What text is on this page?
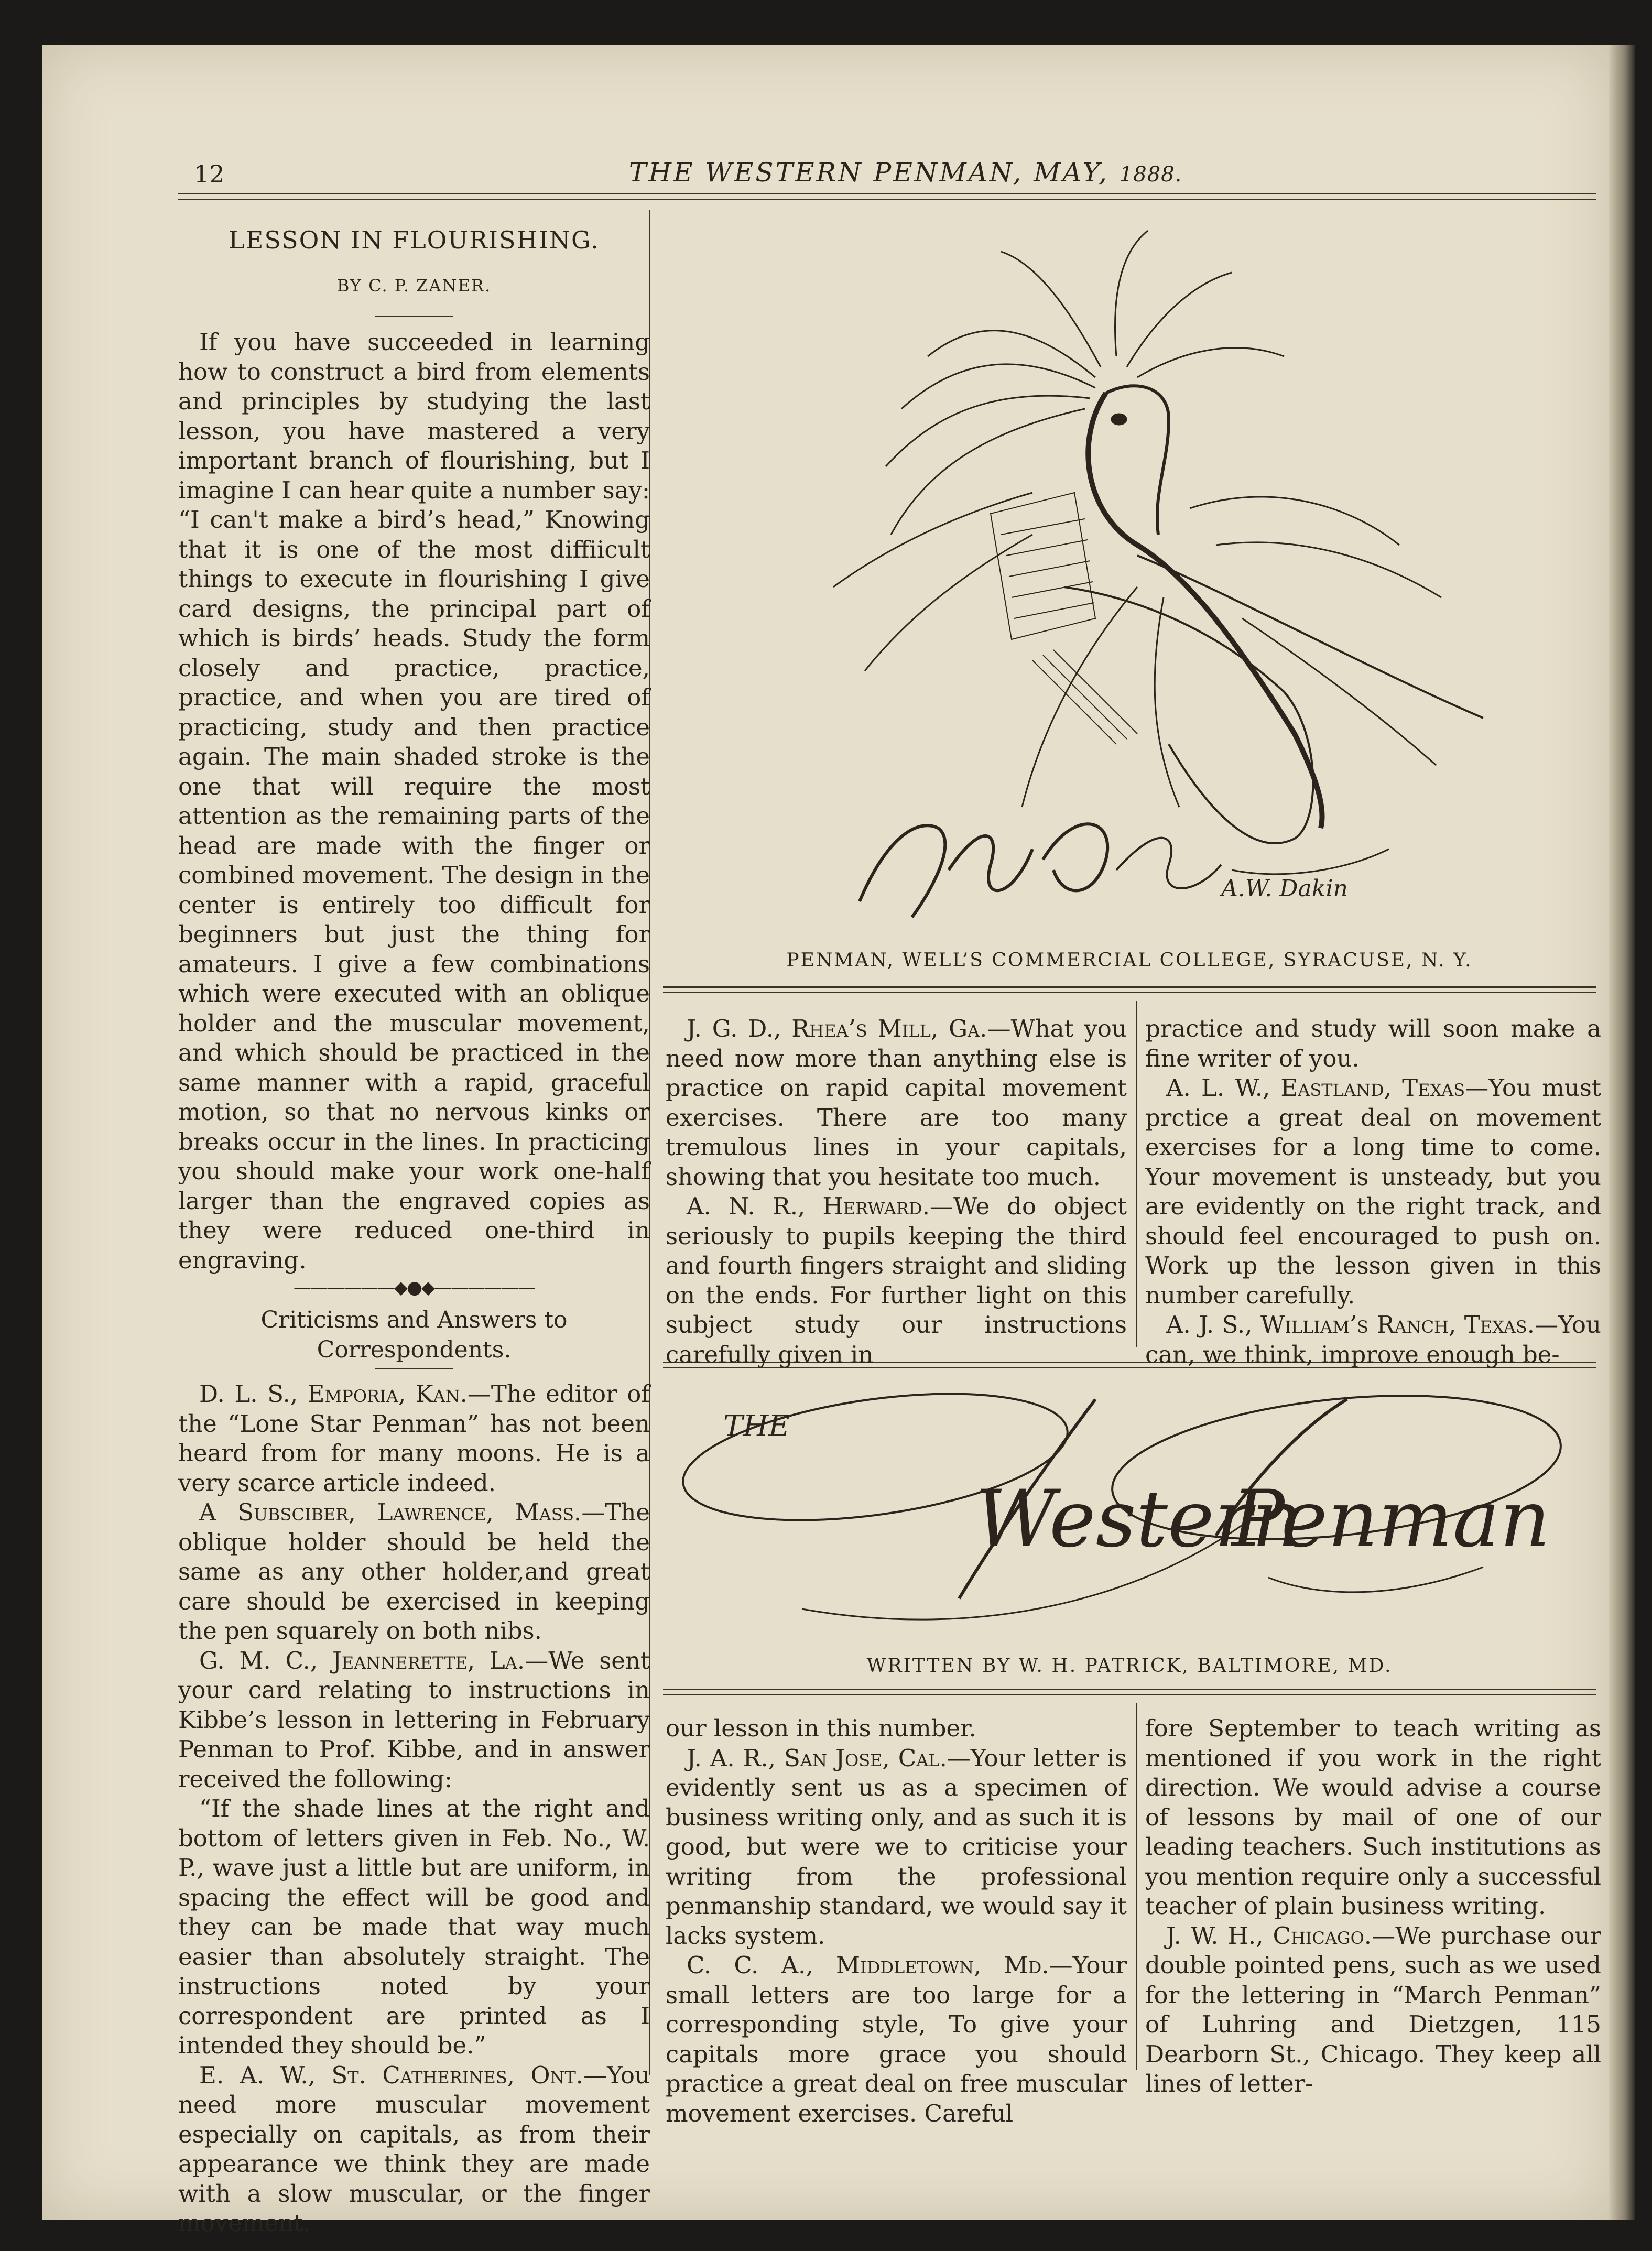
12	THE WESTERN PENMAN, MAY, 1888.
LESSON IN FLOURISHING.
BY C. P. ZANER.

If you have succeeded in learning how to construct a bird from elements and principles by studying the last lesson, you have mastered a very important branch of flourishing, but I imagine I can hear quite a number say: “I can't make a bird’s head,” Knowing that it is one of the most diffiicult things to execute in flourishing I give card designs, the principal part of which is birds’ heads. Study the form closely and practice, practice, practice, and when you are tired of practicing, study and then practice again. The main shaded stroke is the one that will require the most attention as the remaining parts of the head are made with the finger or combined movement. The design in the center is entirely too difficult for beginners but just the thing for amateurs. I give a few combinations which were executed with an oblique holder and the muscular movement, and which should be practiced in the same manner with a rapid, graceful motion, so that no nervous kinks or breaks occur in the lines. In practicing you should make your work one-half larger than the engraved copies as they were reduced one-third in engraving.

——————◆●◆——————
Criticisms and Answers to Correspondents.

D. L. S., Emporia, Kan.—The editor of the “Lone Star Penman” has not been heard from for many moons. He is a very scarce article indeed.

A Subsciber, Lawrence, Mass.—The oblique holder should be held the same as any other holder,and great care should be exercised in keeping the pen squarely on both nibs.

G. M. C., Jeannerette, La.—We sent your card relating to instructions in Kibbe’s lesson in lettering in February Penman to Prof. Kibbe, and in answer received the following:

“If the shade lines at the right and bottom of letters given in Feb. No., W. P., wave just a little but are uniform, in spacing the effect will be good and they can be made that way much easier than absolutely straight. The instructions noted by your correspondent are printed as I intended they should be.”

E. A. W., St. Catherines, Ont.—You need more muscular movement especially on capitals, as from their appearance we think they are made with a slow muscular, or the finger movement.

A.W. Dakin
PENMAN, WELL’S COMMERCIAL COLLEGE, SYRACUSE, N. Y.

J. G. D., Rhea’s Mill, Ga.—What you need now more than anything else is practice on rapid capital movement exercises. There are too many tremulous lines in your capitals, showing that you hesitate too much.

A. N. R., Herward.—We do object seriously to pupils keeping the third and fourth fingers straight and sliding on the ends. For further light on this subject study our instructions carefully given in

practice and study will soon make a fine writer of you.

A. L. W., Eastland, Texas—You must prctice a great deal on movement exercises for a long time to come. Your movement is unsteady, but you are evidently on the right track, and should feel encouraged to push on. Work up the lesson given in this number carefully.

A. J. S., William’s Ranch, Texas.—You can, we think, improve enough be-

THE
Western
Penman
WRITTEN BY W. H. PATRICK, BALTIMORE, MD.

our lesson in this number.

J. A. R., San Jose, Cal.—Your letter is evidently sent us as a specimen of business writing only, and as such it is good, but were we to criticise your writing from the professional penmanship standard, we would say it lacks system.

C. C. A., Middletown, Md.—Your small letters are too large for a corresponding style, To give your capitals more grace you should practice a great deal on free muscular movement exercises. Careful

fore September to teach writing as mentioned if you work in the right direction. We would advise a course of lessons by mail of one of our leading teachers. Such institutions as you mention require only a successful teacher of plain business writing.

J. W. H., Chicago.—We purchase our double pointed pens, such as we used for the lettering in “March Penman” of Luhring and Dietzgen, 115 Dearborn St., Chicago. They keep all lines of letter-
